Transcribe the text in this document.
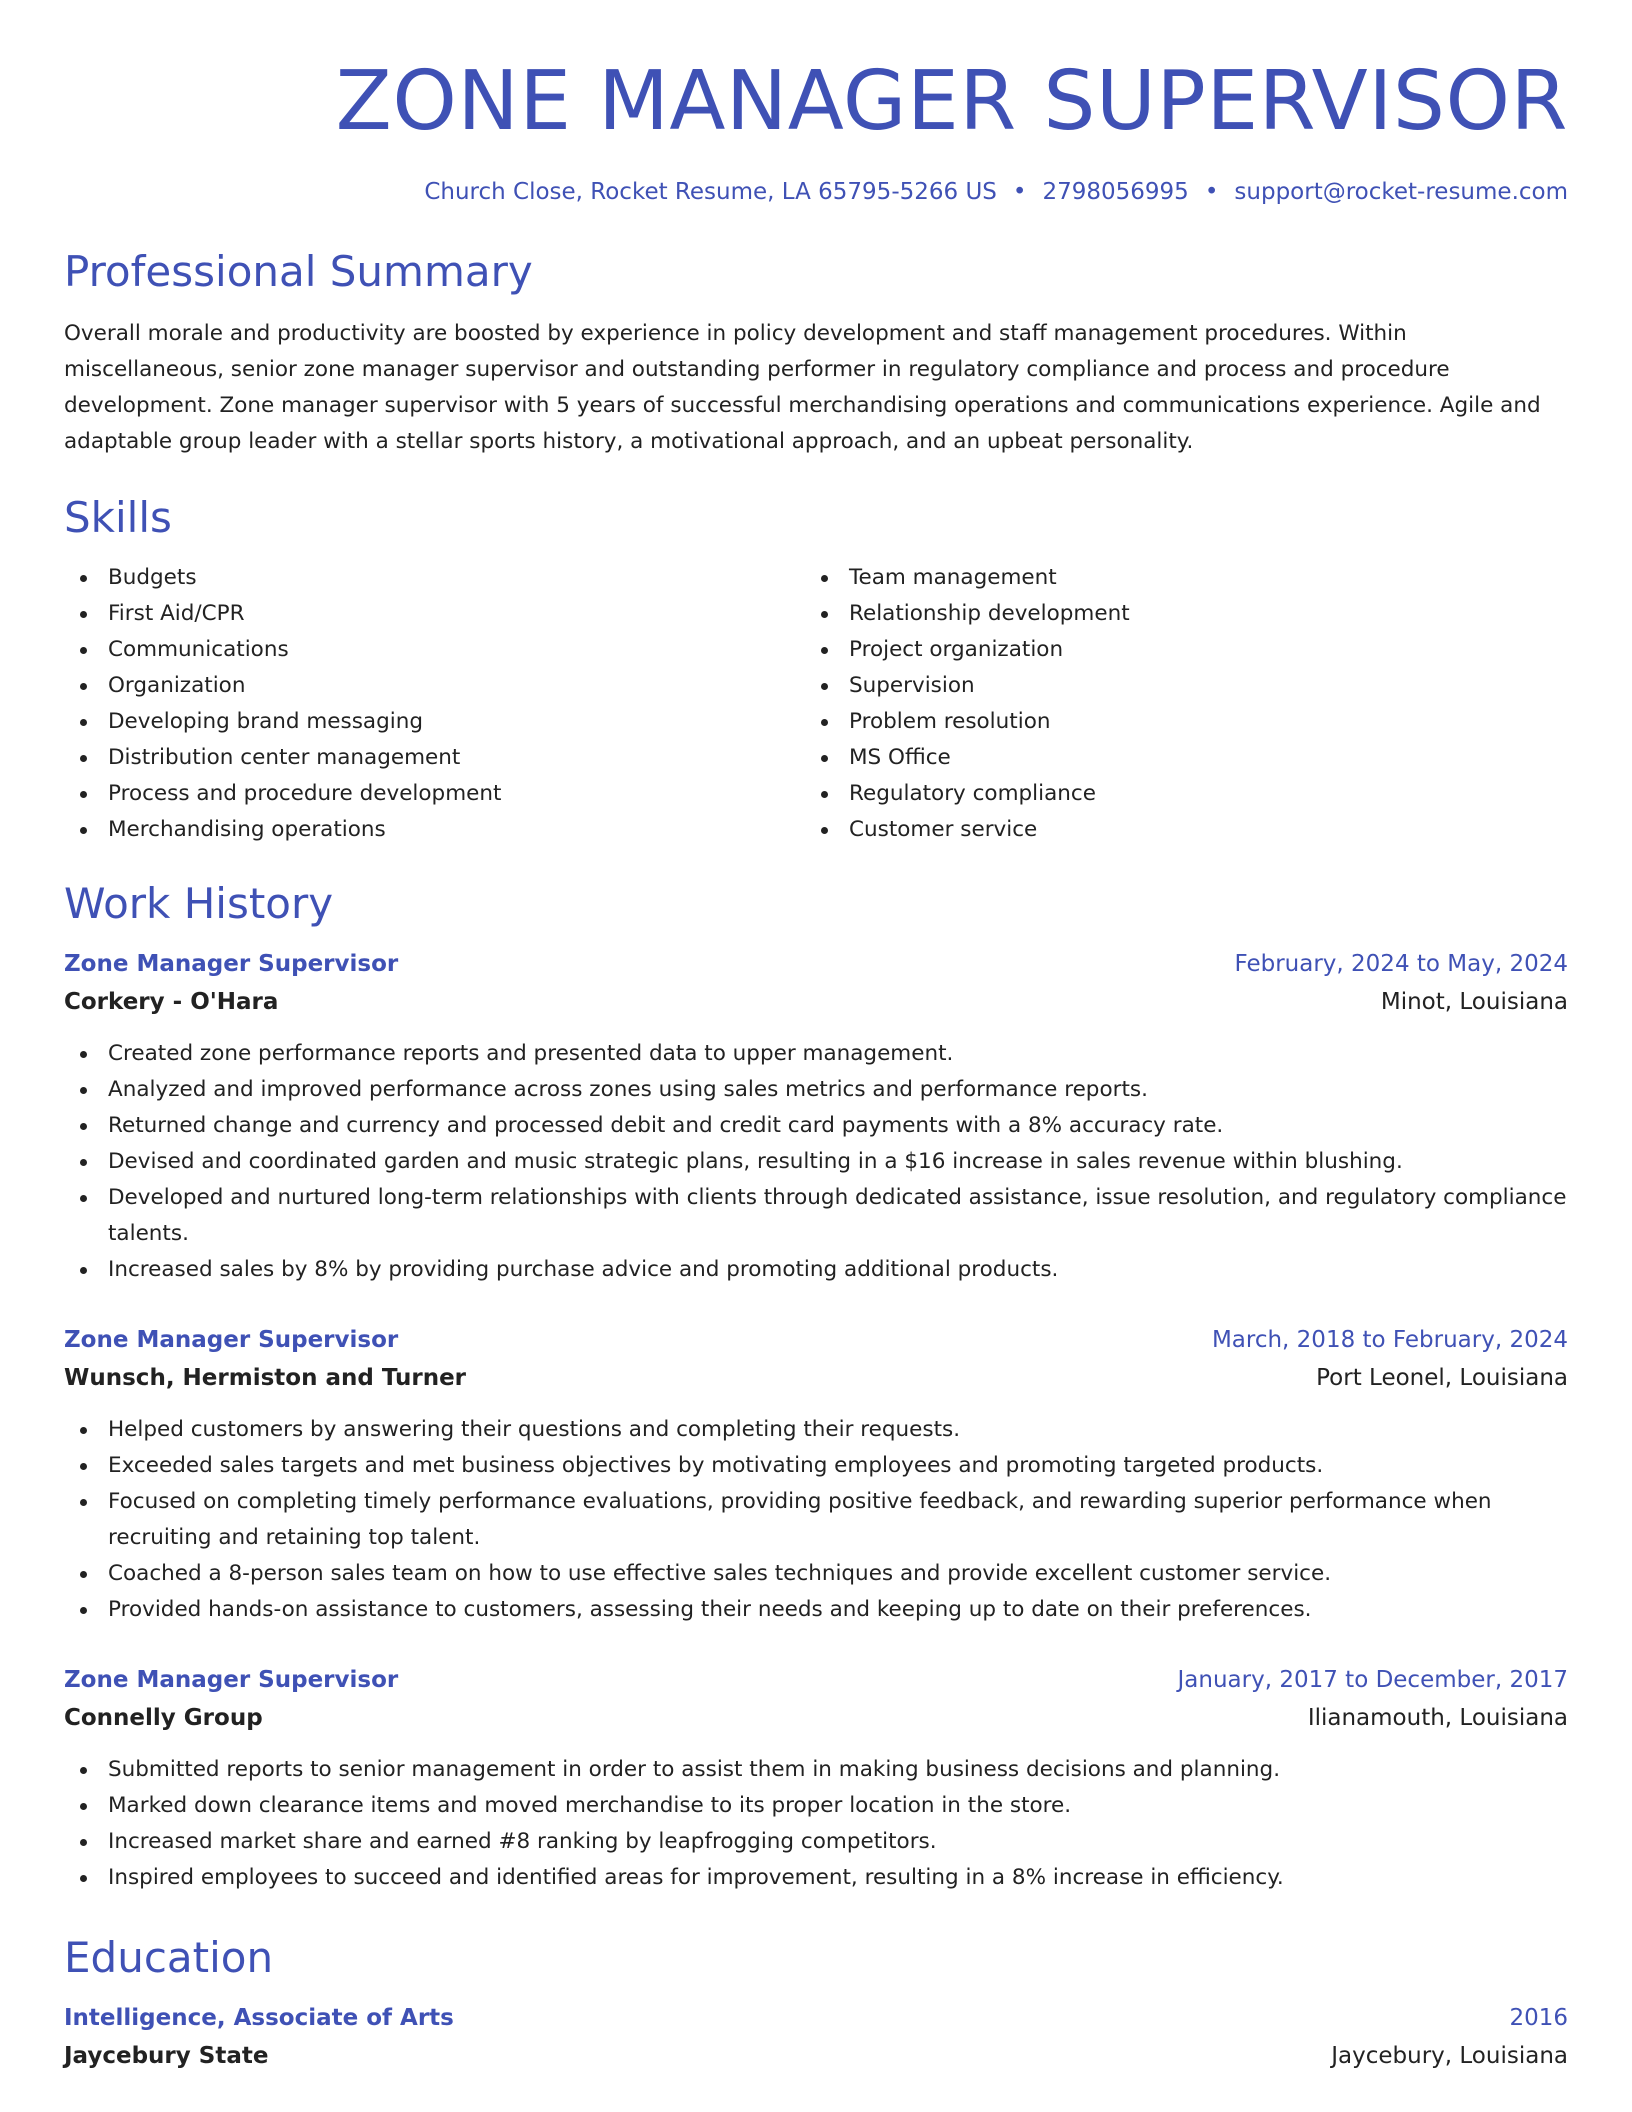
ZONE MANAGER SUPERVISOR
Church Close, Rocket Resume, LA 65795-5266 US • 2798056995 • support@rocket-resume.com
Professional Summary

Overall morale and productivity are boosted by experience in policy development and staff management procedures. Within miscellaneous, senior zone manager supervisor and outstanding performer in regulatory compliance and process and procedure development. Zone manager supervisor with 5 years of successful merchandising operations and communications experience. Agile and adaptable group leader with a stellar sports history, a motivational approach, and an upbeat personality.

Skills
Budgets
First Aid/CPR
Communications
Organization
Developing brand messaging
Distribution center management
Process and procedure development
Merchandising operations
Team management
Relationship development
Project organization
Supervision
Problem resolution
MS Office
Regulatory compliance
Customer service
Work History
Zone Manager Supervisor	February, 2024 to May, 2024
Corkery - O'Hara	Minot, Louisiana
Created zone performance reports and presented data to upper management.
Analyzed and improved performance across zones using sales metrics and performance reports.
Returned change and currency and processed debit and credit card payments with a 8% accuracy rate.
Devised and coordinated garden and music strategic plans, resulting in a $16 increase in sales revenue within blushing.
Developed and nurtured long-term relationships with clients through dedicated assistance, issue resolution, and regulatory compliance talents.
Increased sales by 8% by providing purchase advice and promoting additional products.
Zone Manager Supervisor	March, 2018 to February, 2024
Wunsch, Hermiston and Turner	Port Leonel, Louisiana
Helped customers by answering their questions and completing their requests.
Exceeded sales targets and met business objectives by motivating employees and promoting targeted products.
Focused on completing timely performance evaluations, providing positive feedback, and rewarding superior performance when recruiting and retaining top talent.
Coached a 8-person sales team on how to use effective sales techniques and provide excellent customer service.
Provided hands-on assistance to customers, assessing their needs and keeping up to date on their preferences.
Zone Manager Supervisor	January, 2017 to December, 2017
Connelly Group	Ilianamouth, Louisiana
Submitted reports to senior management in order to assist them in making business decisions and planning.
Marked down clearance items and moved merchandise to its proper location in the store.
Increased market share and earned #8 ranking by leapfrogging competitors.
Inspired employees to succeed and identified areas for improvement, resulting in a 8% increase in efficiency.
Education
Intelligence, Associate of Arts	2016
Jaycebury State	Jaycebury, Louisiana
